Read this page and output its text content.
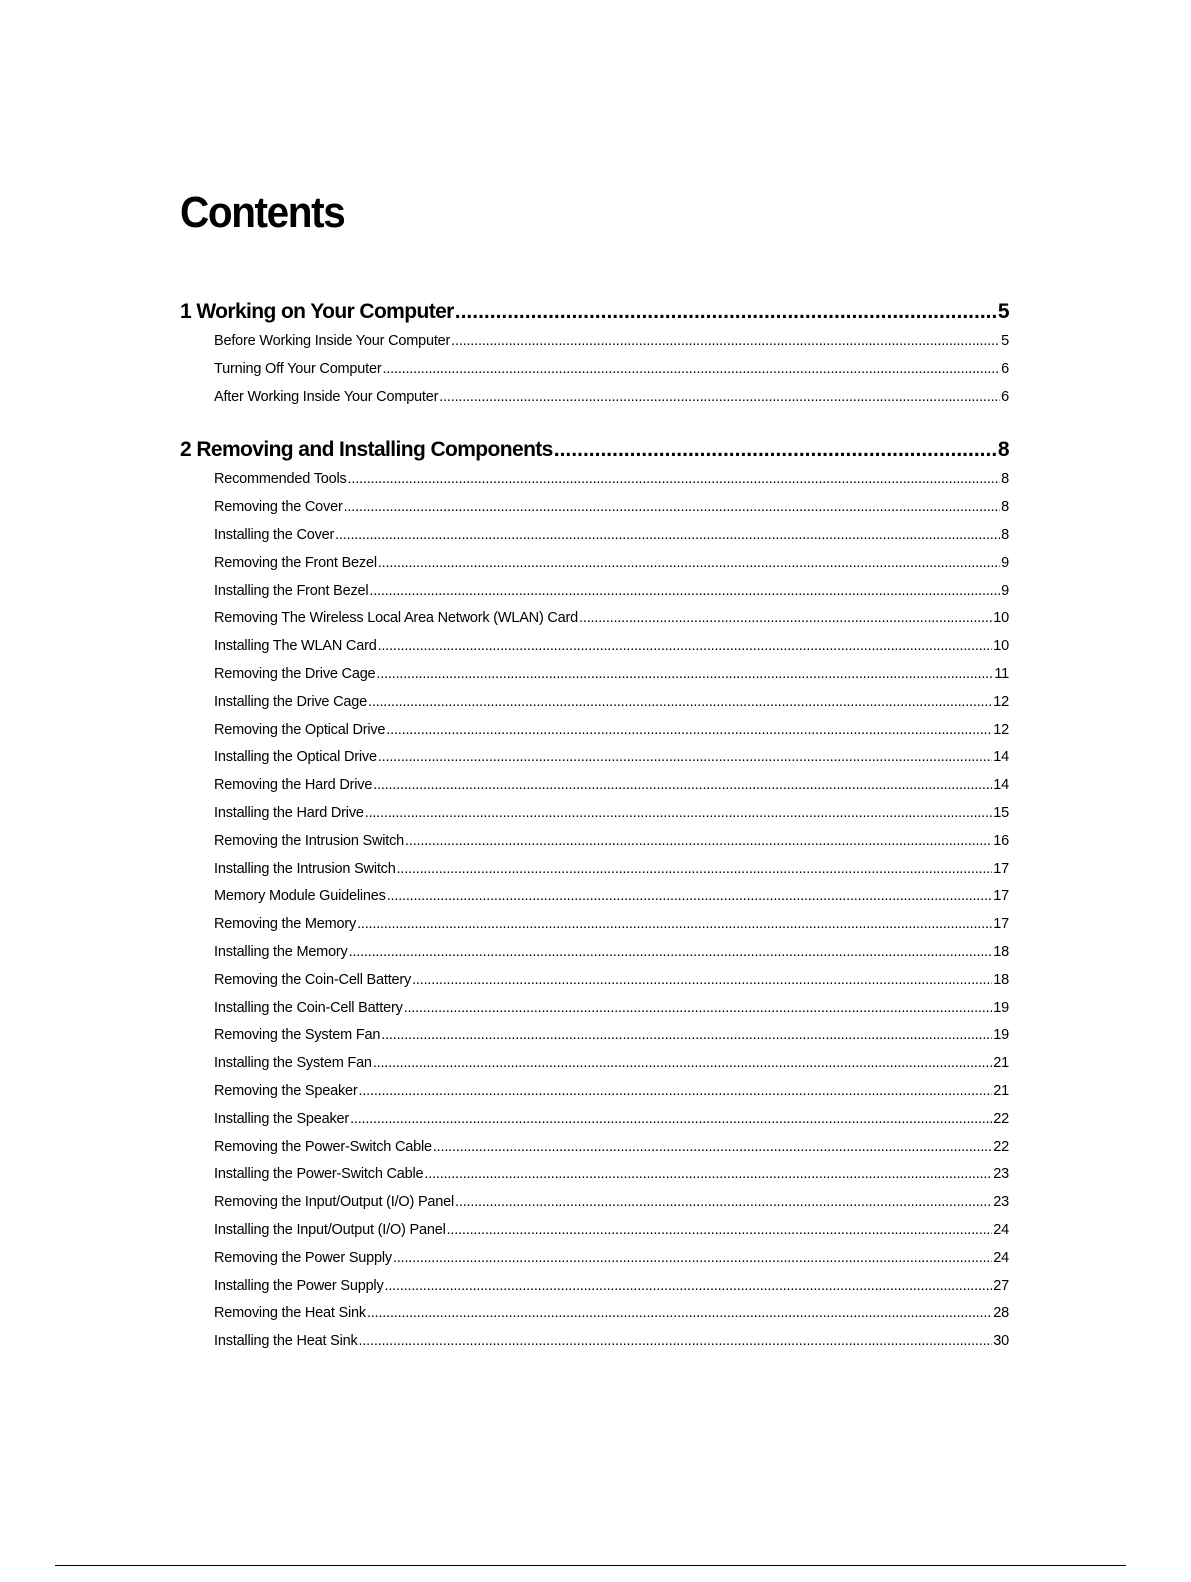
Contents
1 Working on Your Computer .....	5
Before Working Inside Your Computer .....	5
Turning Off Your Computer .....	6
After Working Inside Your Computer .....	6
2 Removing and Installing Components .....	8
Recommended Tools .....	8
Removing the Cover .....	8
Installing the Cover .....	8
Removing the Front Bezel .....	9
Installing the Front Bezel .....	9
Removing The Wireless Local Area Network (WLAN) Card .....	10
Installing The WLAN Card .....	10
Removing the Drive Cage .....	11
Installing the Drive Cage .....	12
Removing the Optical Drive .....	12
Installing the Optical Drive .....	14
Removing the Hard Drive .....	14
Installing the Hard Drive .....	15
Removing the Intrusion Switch .....	16
Installing the Intrusion Switch .....	17
Memory Module Guidelines .....	17
Removing the Memory .....	17
Installing the Memory .....	18
Removing the Coin-Cell Battery .....	18
Installing the Coin-Cell Battery .....	19
Removing the System Fan .....	19
Installing the System Fan .....	21
Removing the Speaker .....	21
Installing the Speaker .....	22
Removing the Power-Switch Cable .....	22
Installing the Power-Switch Cable .....	23
Removing the Input/Output (I/O) Panel .....	23
Installing the Input/Output (I/O) Panel .....	24
Removing the Power Supply .....	24
Installing the Power Supply .....	27
Removing the Heat Sink .....	28
Installing the Heat Sink .....	30
